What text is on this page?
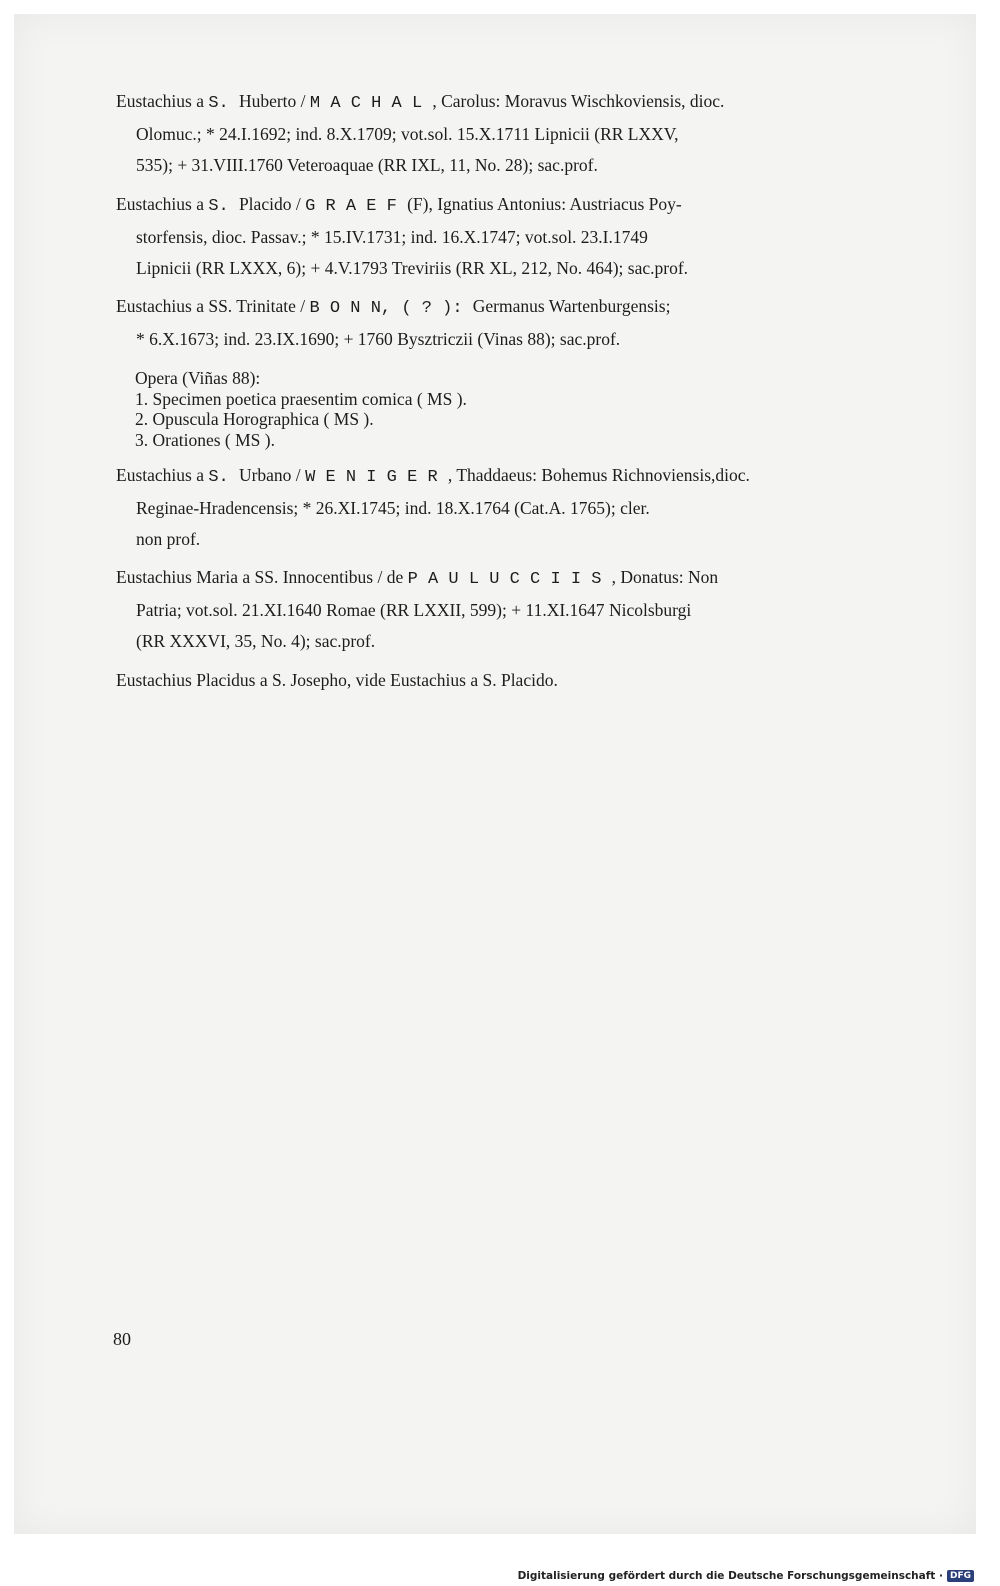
Eustachius a S. Huberto / M A C H A L , Carolus: Moravus Wischkoviensis, dioc.
Olomuc.; * 24.I.1692; ind. 8.X.1709; vot.sol. 15.X.1711 Lipnicii (RR LXXV,
535); + 31.VIII.1760 Veteroaquae (RR IXL, 11, No. 28); sac.prof.
Eustachius a S. Placido / G R A E F (F), Ignatius Antonius: Austriacus Poy-
storfensis, dioc. Passav.; * 15.IV.1731; ind. 16.X.1747; vot.sol. 23.I.1749
Lipnicii (RR LXXX, 6); + 4.V.1793 Treviriis (RR XL, 212, No. 464); sac.prof.
Eustachius a SS. Trinitate / B O N N, ( ? ): Germanus Wartenburgensis;
* 6.X.1673; ind. 23.IX.1690; + 1760 Bysztriczii (Vinas 88); sac.prof.
Opera (Viñas 88):
1. Specimen poetica praesentim comica ( MS ).
2. Opuscula Horographica ( MS ).
3. Orationes ( MS ).
Eustachius a S. Urbano / W E N I G E R , Thaddaeus: Bohemus Richnoviensis,dioc.
Reginae-Hradencensis; * 26.XI.1745; ind. 18.X.1764 (Cat.A. 1765); cler.
non prof.
Eustachius Maria a SS. Innocentibus / de P A U L U C C I I S , Donatus: Non
Patria; vot.sol. 21.XI.1640 Romae (RR LXXII, 599); + 11.XI.1647 Nicolsburgi
(RR XXXVI, 35, No. 4); sac.prof.
Eustachius Placidus a S. Josepho, vide Eustachius a S. Placido.
80
Digitalisierung gefördert durch die Deutsche Forschungsgemeinschaft · DFG
